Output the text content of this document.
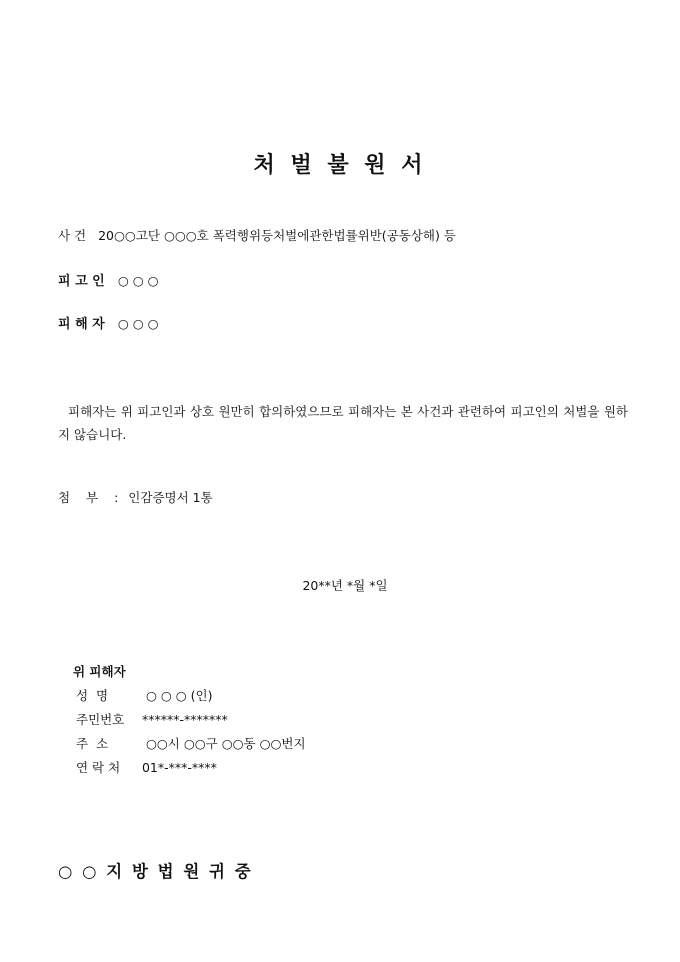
처 벌 불 원 서
사 건 20○○고단 ○○○호 폭력행위등처벌에관한법률위반(공동상해) 등
피 고 인 ○ ○ ○
피 해 자 ○ ○ ○
피해자는 위 피고인과 상호 원만히 합의하였으므로 피해자는 본 사건과 관련하여 피고인의 처벌을 원하지 않습니다.
첨 부 : 인감증명서 1통
20**년 *월 *일
위 피해자
성  명	○ ○ ○ (인)
주민번호 ******-*******
주  소	○○시 ○○구 ○○동 ○○번지
연 락 처 01*-***-****
○ ○ 지 방 법 원 귀 중
